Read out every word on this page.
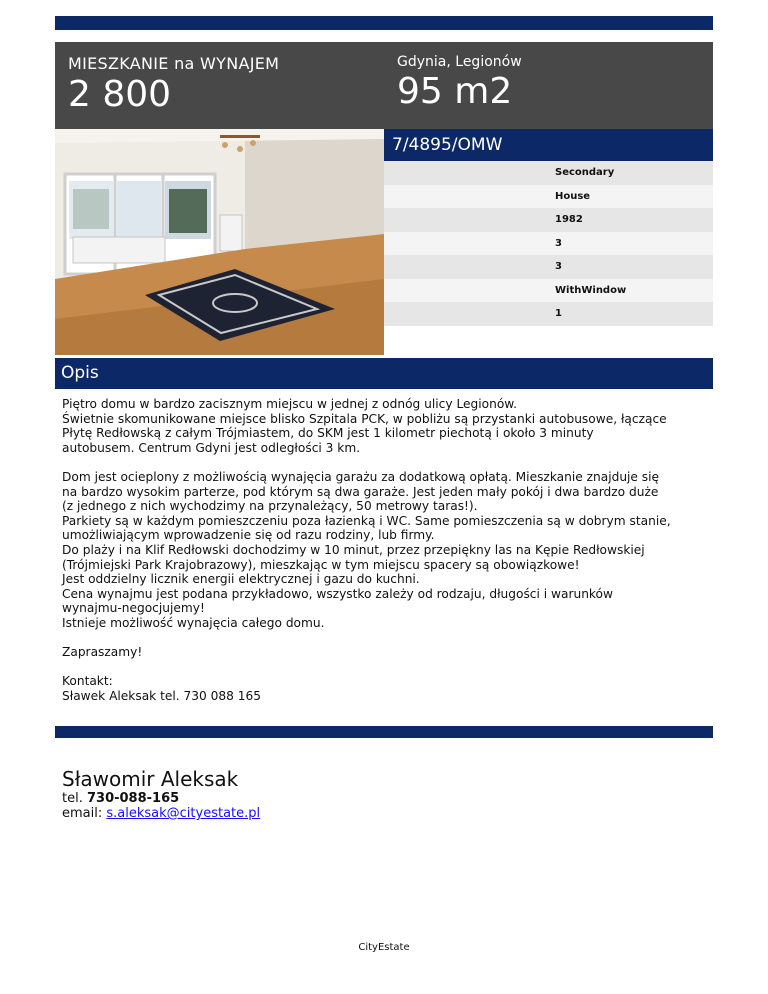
MIESZKANIE na WYNAJEM
2 800
Gdynia, Legionów
95 m2
7/4895/OMW
Secondary
House
1982
3
3
WithWindow
1
Opis

Piętro domu w bardzo zacisznym miejscu w jednej z odnóg ulicy Legionów.

Świetnie skomunikowane miejsce blisko Szpitala PCK, w pobliżu są przystanki autobusowe, łączące

Płytę Redłowską z całym Trójmiastem, do SKM jest 1 kilometr piechotą i około 3 minuty

autobusem. Centrum Gdyni jest odległości 3 km.

Dom jest ocieplony z możliwością wynajęcia garażu za dodatkową opłatą. Mieszkanie znajduje się

na bardzo wysokim parterze, pod którym są dwa garaże. Jest jeden mały pokój i dwa bardzo duże

(z jednego z nich wychodzimy na przynależący, 50 metrowy taras!).

Parkiety są w każdym pomieszczeniu poza łazienką i WC. Same pomieszczenia są w dobrym stanie,

umożliwiającym wprowadzenie się od razu rodziny, lub firmy.

Do plaży i na Klif Redłowski dochodzimy w 10 minut, przez przepiękny las na Kępie Redłowskiej

(Trójmiejski Park Krajobrazowy), mieszkając w tym miejscu spacery są obowiązkowe!

Jest oddzielny licznik energii elektrycznej i gazu do kuchni.

Cena wynajmu jest podana przykładowo, wszystko zależy od rodzaju, długości i warunków

wynajmu-negocjujemy!

Istnieje możliwość wynajęcia całego domu.

Zapraszamy!

Kontakt:

Sławek Aleksak tel. 730 088 165

Sławomir Aleksak
tel. 730-088-165
email: s.aleksak@cityestate.pl
CityEstate
